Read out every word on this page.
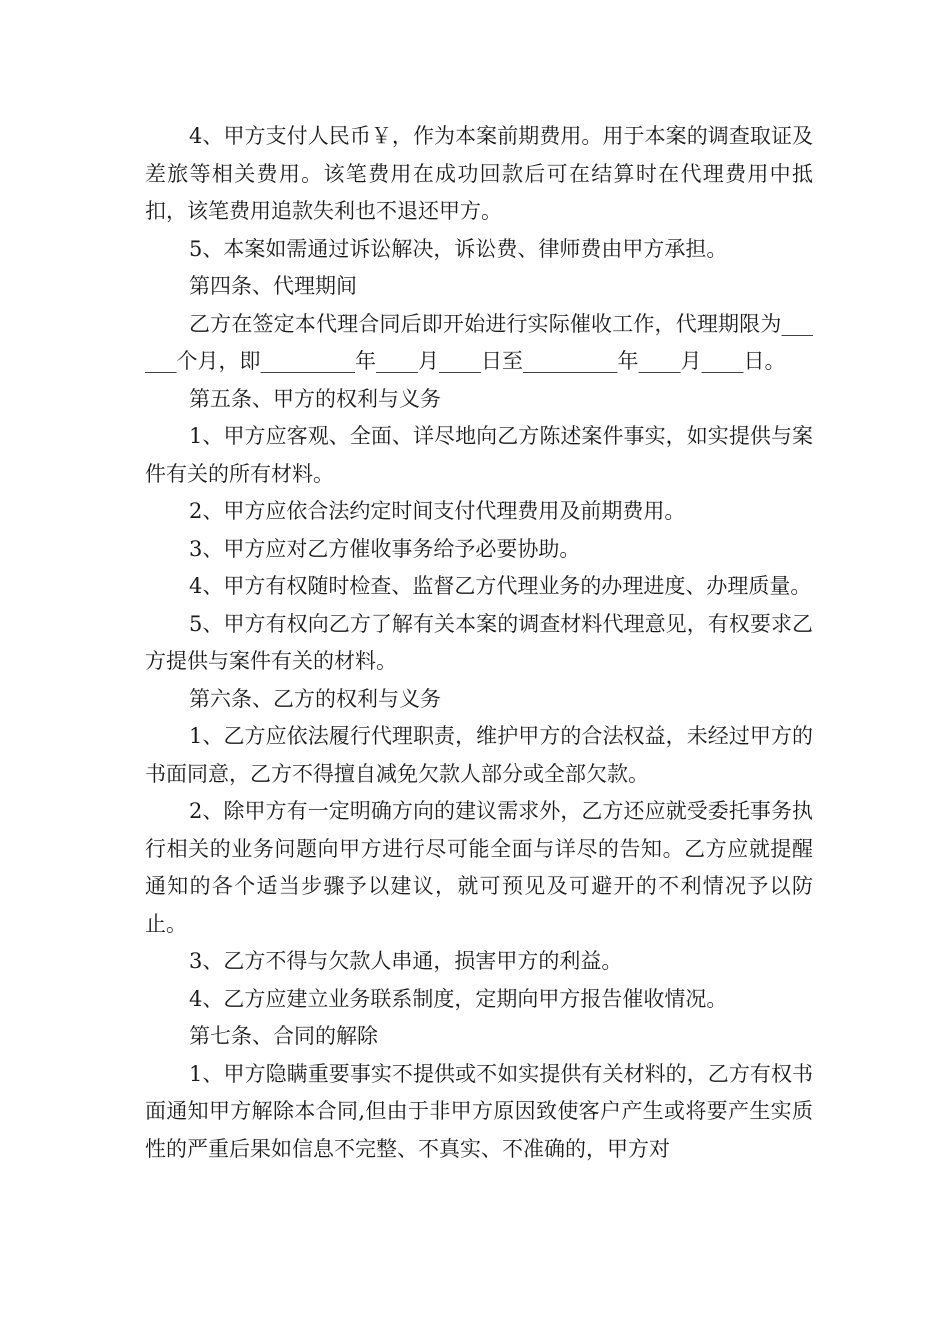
4、甲方支付人民币￥，作为本案前期费用。用于本案的调查取证及差旅等相关费用。该笔费用在成功回款后可在结算时在代理费用中抵扣，该笔费用追款失利也不退还甲方。

5、本案如需通过诉讼解决，诉讼费、律师费由甲方承担。

第四条、代理期间

乙方在签定本代理合同后即开始进行实际催收工作，代理期限为______个月，即_________年____月____日至_________年____月____日。

第五条、甲方的权利与义务

1、甲方应客观、全面、详尽地向乙方陈述案件事实，如实提供与案件有关的所有材料。

2、甲方应依合法约定时间支付代理费用及前期费用。

3、甲方应对乙方催收事务给予必要协助。

4、甲方有权随时检查、监督乙方代理业务的办理进度、办理质量。

5、甲方有权向乙方了解有关本案的调查材料代理意见，有权要求乙方提供与案件有关的材料。

第六条、乙方的权利与义务

1、乙方应依法履行代理职责，维护甲方的合法权益，未经过甲方的书面同意，乙方不得擅自减免欠款人部分或全部欠款。

2、除甲方有一定明确方向的建议需求外，乙方还应就受委托事务执行相关的业务问题向甲方进行尽可能全面与详尽的告知。乙方应就提醒通知的各个适当步骤予以建议，就可预见及可避开的不利情况予以防止。

3、乙方不得与欠款人串通，损害甲方的利益。

4、乙方应建立业务联系制度，定期向甲方报告催收情况。

第七条、合同的解除

1、甲方隐瞒重要事实不提供或不如实提供有关材料的，乙方有权书面通知甲方解除本合同,但由于非甲方原因致使客户产生或将要产生实质性的严重后果如信息不完整、不真实、不准确的，甲方对
